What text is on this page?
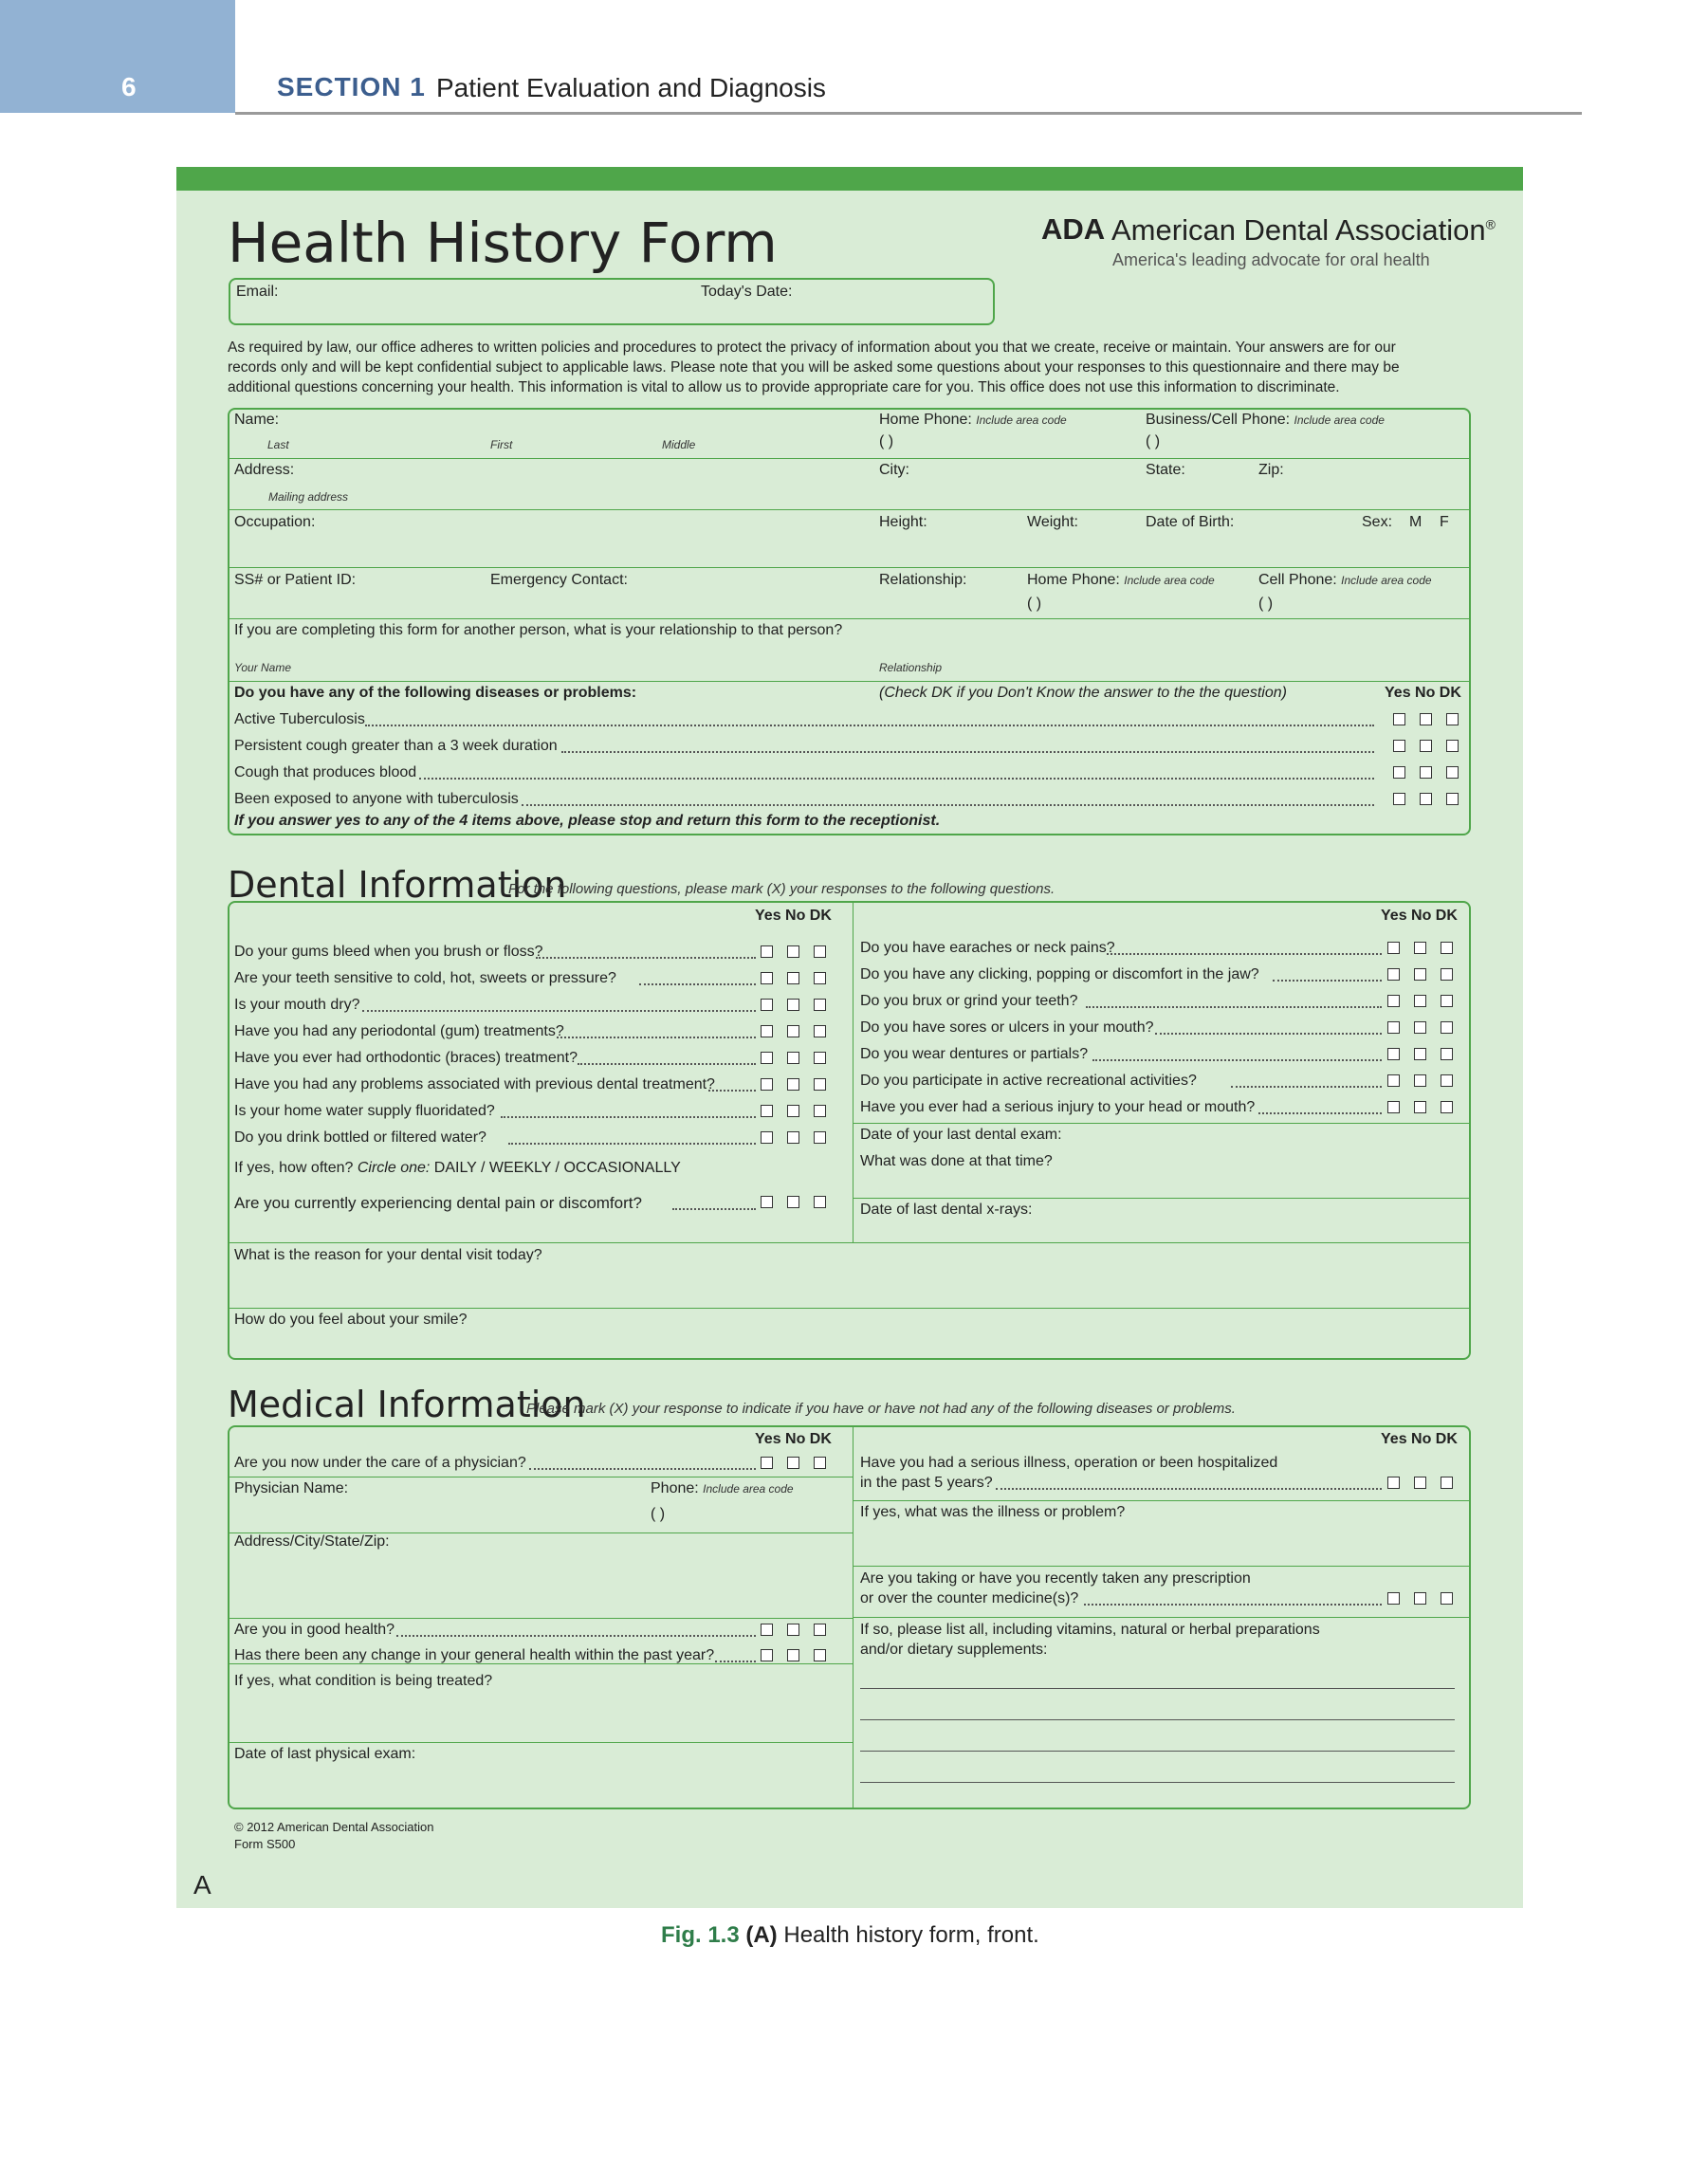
6	SECTION 1 Patient Evaluation and Diagnosis
Health History Form	ADA American Dental Association®
America's leading advocate for oral health
Email:	Today's Date:
As required by law, our office adheres to written policies and procedures to protect the privacy of information about you that we create, receive or maintain. Your answers are for our
records only and will be kept confidential subject to applicable laws. Please note that you will be asked some questions about your responses to this questionnaire and there may be
additional questions concerning your health. This information is vital to allow us to provide appropriate care for you. This office does not use this information to discriminate.
Name:
Last	First	Middle
Home Phone: Include area code
( )
Business/Cell Phone: Include area code
( )
Address:
Mailing address
City:	State:	Zip:
Occupation:	Height:	Weight:	Date of Birth:	Sex: M F
SS# or Patient ID:	Emergency Contact:	Relationship:	Home Phone: Include area code
( )
Cell Phone: Include area code
( )
If you are completing this form for another person, what is your relationship to that person?
Your Name	Relationship
Do you have any of the following diseases or problems:	(Check DK if you Don't Know the answer to the the question)	Yes No DK
Active Tuberculosis
Persistent cough greater than a 3 week duration
Cough that produces blood
Been exposed to anyone with tuberculosis
If you answer yes to any of the 4 items above, please stop and return this form to the receptionist.
Dental Information
For the following questions, please mark (X) your responses to the following questions.
Yes No DK	Yes No DK
Do your gums bleed when you brush or floss?
Are your teeth sensitive to cold, hot, sweets or pressure?
Is your mouth dry?
Have you had any periodontal (gum) treatments?
Have you ever had orthodontic (braces) treatment?
Have you had any problems associated with previous dental treatment?
Is your home water supply fluoridated?
Do you drink bottled or filtered water?
Do you have earaches or neck pains?
Do you have any clicking, popping or discomfort in the jaw?
Do you brux or grind your teeth?
Do you have sores or ulcers in your mouth?
Do you wear dentures or partials?
Do you participate in active recreational activities?
Have you ever had a serious injury to your head or mouth?
If yes, how often? Circle one: DAILY / WEEKLY / OCCASIONALLY
Are you currently experiencing dental pain or discomfort?
Date of your last dental exam:
What was done at that time?
Date of last dental x-rays:
What is the reason for your dental visit today?
How do you feel about your smile?
Medical Information
Please mark (X) your response to indicate if you have or have not had any of the following diseases or problems.
Yes No DK	Yes No DK
Are you now under the care of a physician?
Physician Name:	Phone: Include area code
( )
Address/City/State/Zip:
Are you in good health?
Has there been any change in your general health within the past year?
If yes, what condition is being treated?
Date of last physical exam:
Have you had a serious illness, operation or been hospitalized
in the past 5 years?
If yes, what was the illness or problem?
Are you taking or have you recently taken any prescription
or over the counter medicine(s)?
If so, please list all, including vitamins, natural or herbal preparations
and/or dietary supplements:
© 2012 American Dental Association
Form S500
A
Fig. 1.3 (A) Health history form, front.
